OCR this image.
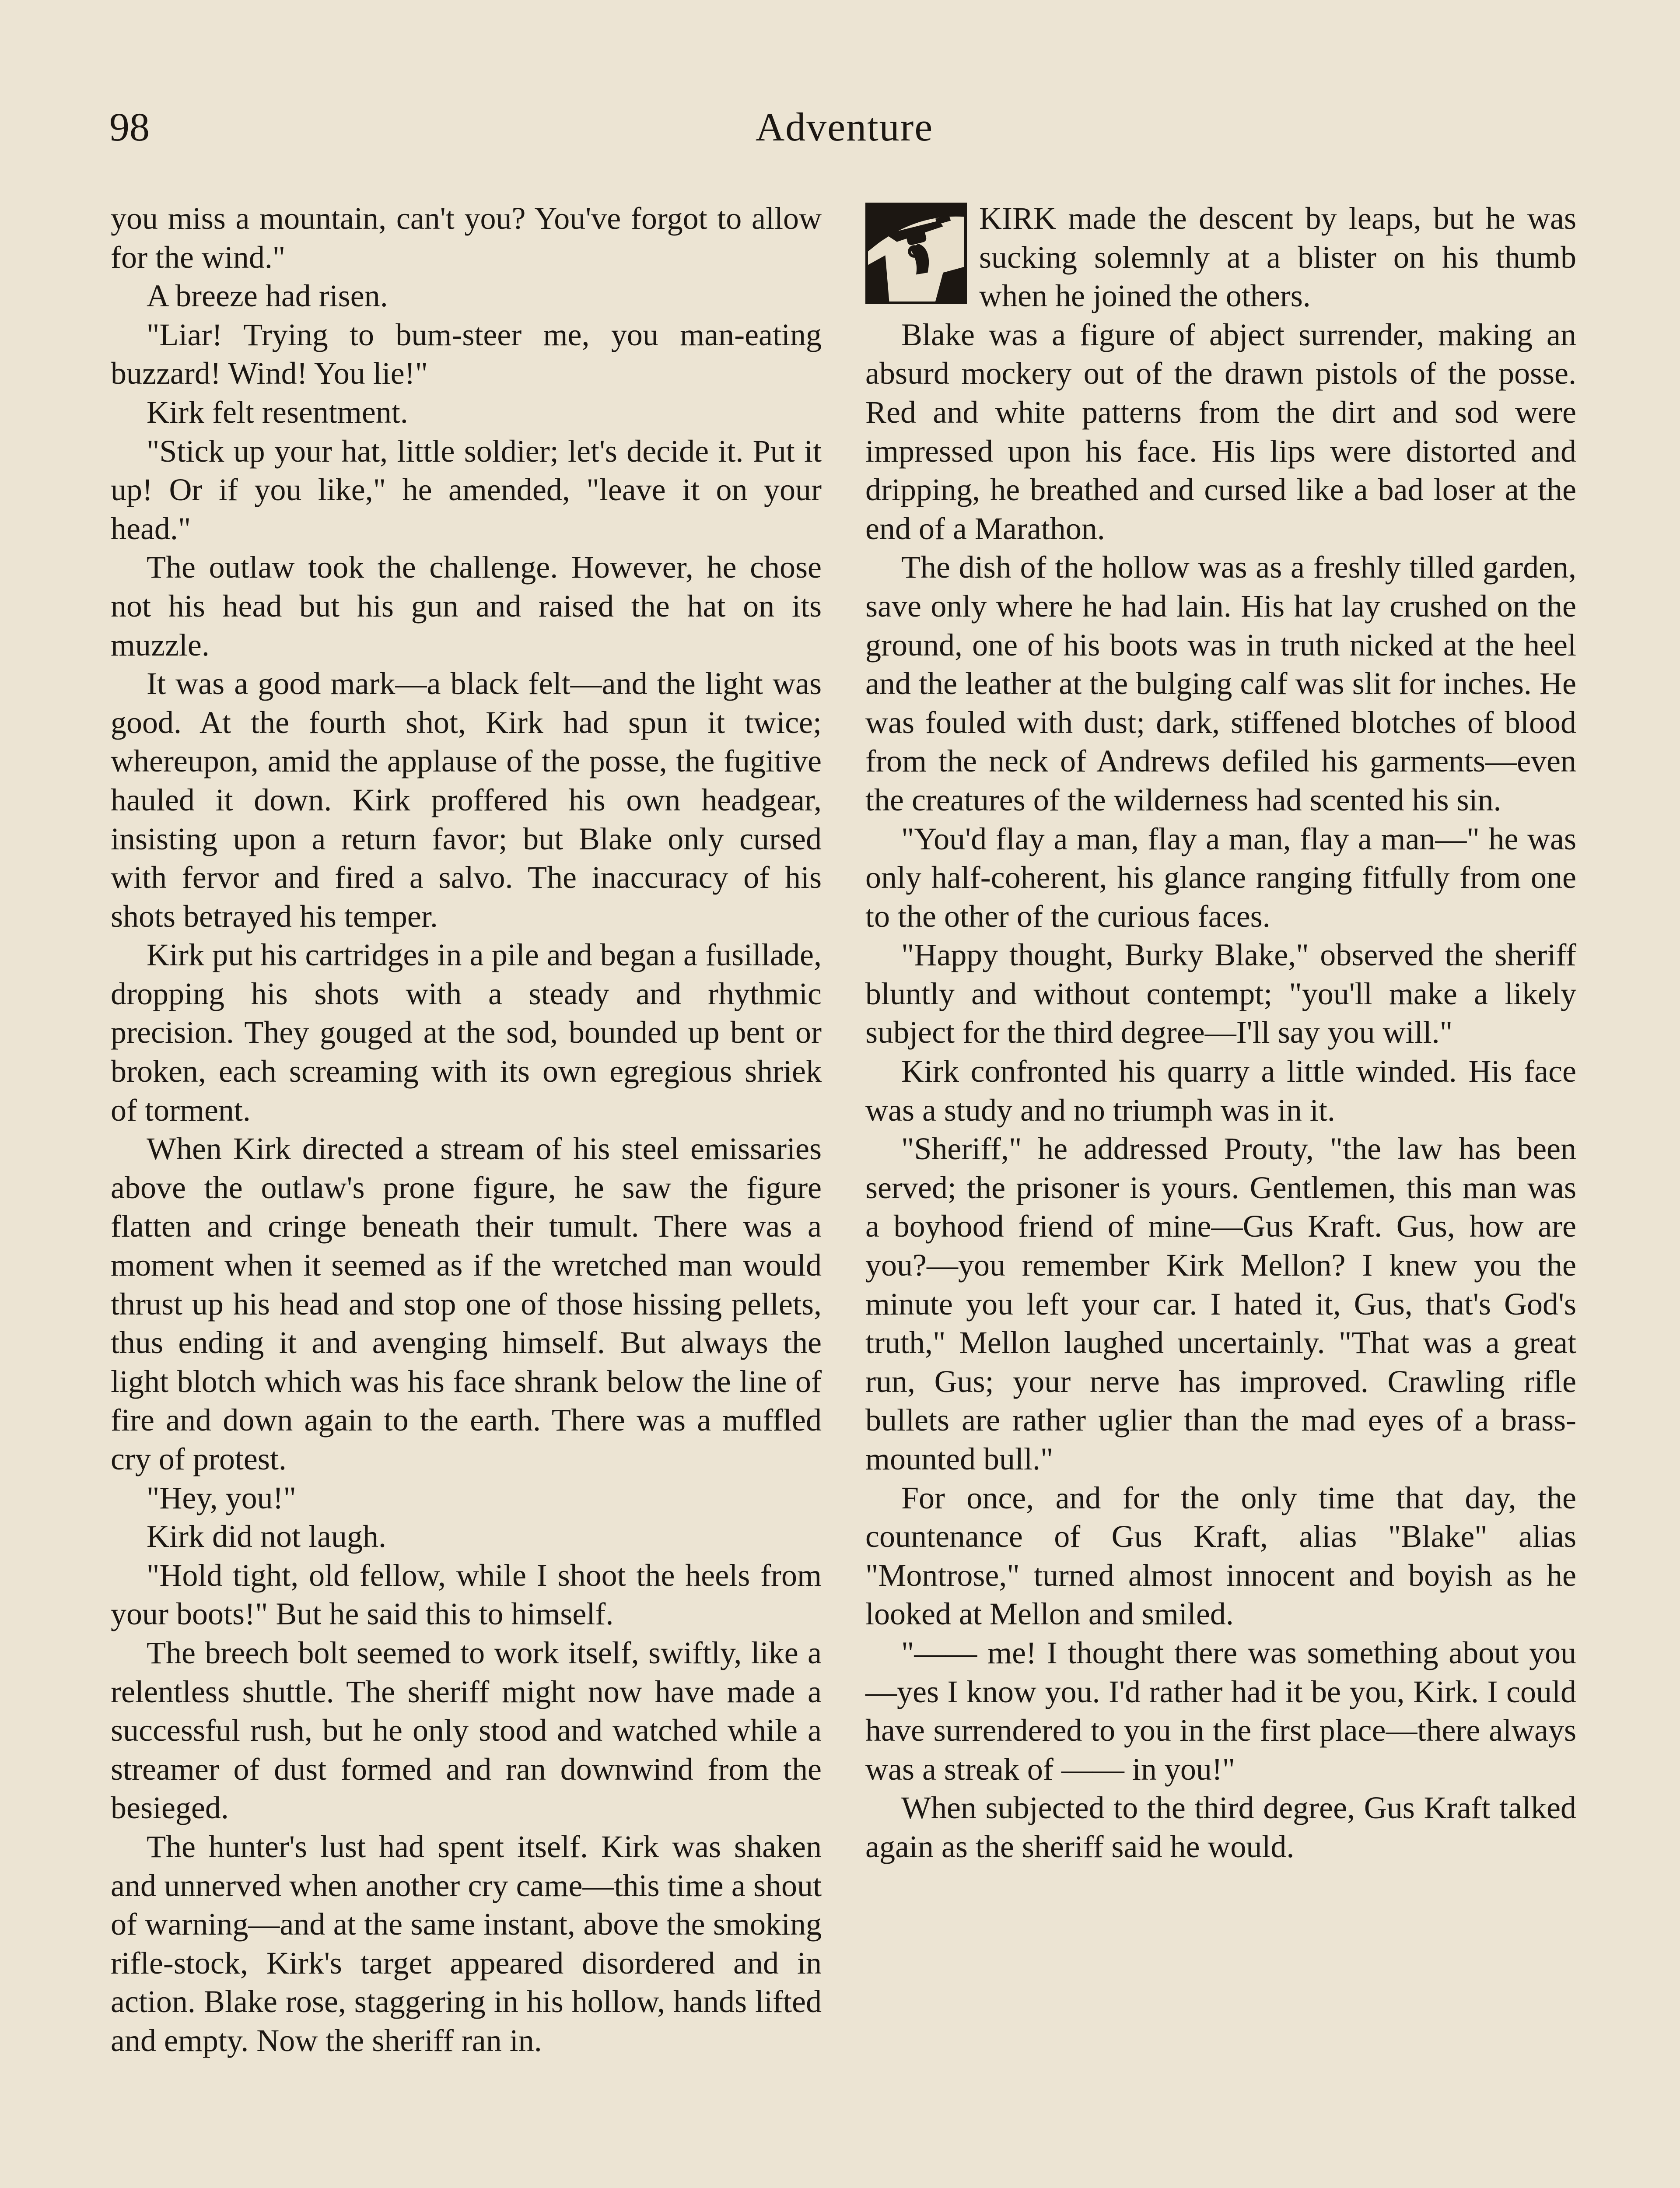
98	Adventure

you miss a mountain, can't you? You've forgot to allow for the wind."

A breeze had risen.

"Liar! Trying to bum-steer me, you man-eating buzzard! Wind! You lie!"

Kirk felt resentment.

"Stick up your hat, little soldier; let's decide it. Put it up! Or if you like," he amended, "leave it on your head."

The outlaw took the challenge. However, he chose not his head but his gun and raised the hat on its muzzle.

It was a good mark—a black felt—and the light was good. At the fourth shot, Kirk had spun it twice; whereupon, amid the applause of the posse, the fugitive hauled it down. Kirk proffered his own headgear, insisting upon a return favor; but Blake only cursed with fervor and fired a salvo. The inaccuracy of his shots betrayed his temper.

Kirk put his cartridges in a pile and began a fusillade, dropping his shots with a steady and rhythmic precision. They gouged at the sod, bounded up bent or broken, each screaming with its own egregious shriek of torment.

When Kirk directed a stream of his steel emissaries above the outlaw's prone figure, he saw the figure flatten and cringe beneath their tumult. There was a moment when it seemed as if the wretched man would thrust up his head and stop one of those hissing pellets, thus ending it and avenging himself. But always the light blotch which was his face shrank below the line of fire and down again to the earth. There was a muffled cry of protest.

"Hey, you!"

Kirk did not laugh.

"Hold tight, old fellow, while I shoot the heels from your boots!" But he said this to himself.

The breech bolt seemed to work itself, swiftly, like a relentless shuttle. The sheriff might now have made a successful rush, but he only stood and watched while a streamer of dust formed and ran downwind from the besieged.

The hunter's lust had spent itself. Kirk was shaken and unnerved when another cry came—this time a shout of warning—and at the same instant, above the smoking rifle-stock, Kirk's target appeared disordered and in action. Blake rose, staggering in his hollow, hands lifted and empty. Now the sheriff ran in.

KIRK made the descent by leaps, but he was sucking solemnly at a blister on his thumb when he joined the others.

Blake was a figure of abject surrender, making an absurd mockery out of the drawn pistols of the posse. Red and white patterns from the dirt and sod were impressed upon his face. His lips were distorted and dripping, he breathed and cursed like a bad loser at the end of a Marathon.

The dish of the hollow was as a freshly tilled garden, save only where he had lain. His hat lay crushed on the ground, one of his boots was in truth nicked at the heel and the leather at the bulging calf was slit for inches. He was fouled with dust; dark, stiffened blotches of blood from the neck of Andrews defiled his garments—even the creatures of the wilderness had scented his sin.

"You'd flay a man, flay a man, flay a man—" he was only half-coherent, his glance ranging fitfully from one to the other of the curious faces.

"Happy thought, Burky Blake," observed the sheriff bluntly and without contempt; "you'll make a likely subject for the third degree—I'll say you will."

Kirk confronted his quarry a little winded. His face was a study and no triumph was in it.

"Sheriff," he addressed Prouty, "the law has been served; the prisoner is yours. Gentlemen, this man was a boyhood friend of mine—Gus Kraft. Gus, how are you?—you remember Kirk Mellon? I knew you the minute you left your car. I hated it, Gus, that's God's truth," Mellon laughed uncertainly. "That was a great run, Gus; your nerve has improved. Crawling rifle bullets are rather uglier than the mad eyes of a brass-mounted bull."

For once, and for the only time that day, the countenance of Gus Kraft, alias "Blake" alias "Montrose," turned almost innocent and boyish as he looked at Mellon and smiled.

"—— me! I thought there was something about you—yes I know you. I'd rather had it be you, Kirk. I could have surrendered to you in the first place—there always was a streak of —— in you!"

When subjected to the third degree, Gus Kraft talked again as the sheriff said he would.
